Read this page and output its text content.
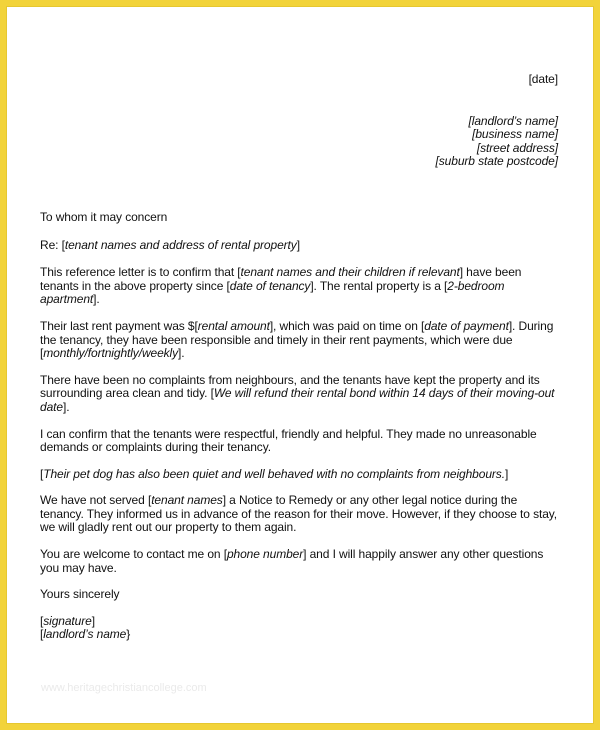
[date]

[landlord’s name]

[business name]

[street address]

[suburb state postcode]

To whom it may concern

Re: [tenant names and address of rental property]

This reference letter is to confirm that [tenant names and their children if relevant] have been tenants in the above property since [date of tenancy]. The rental property is a [2-bedroom apartment].

Their last rent payment was $[rental amount], which was paid on time on [date of payment]. During the tenancy, they have been responsible and timely in their rent payments, which were due [monthly/fortnightly/weekly].

There have been no complaints from neighbours, and the tenants have kept the property and its surrounding area clean and tidy. [We will refund their rental bond within 14 days of their moving-out date].

I can confirm that the tenants were respectful, friendly and helpful. They made no unreasonable demands or complaints during their tenancy.

[Their pet dog has also been quiet and well behaved with no complaints from neighbours.]

We have not served [tenant names] a Notice to Remedy or any other legal notice during the tenancy. They informed us in advance of the reason for their move. However, if they choose to stay, we will gladly rent out our property to them again.

You are welcome to contact me on [phone number] and I will happily answer any other questions you may have.

Yours sincerely

[signature]

[landlord’s name}

www.heritagechristiancollege.com
